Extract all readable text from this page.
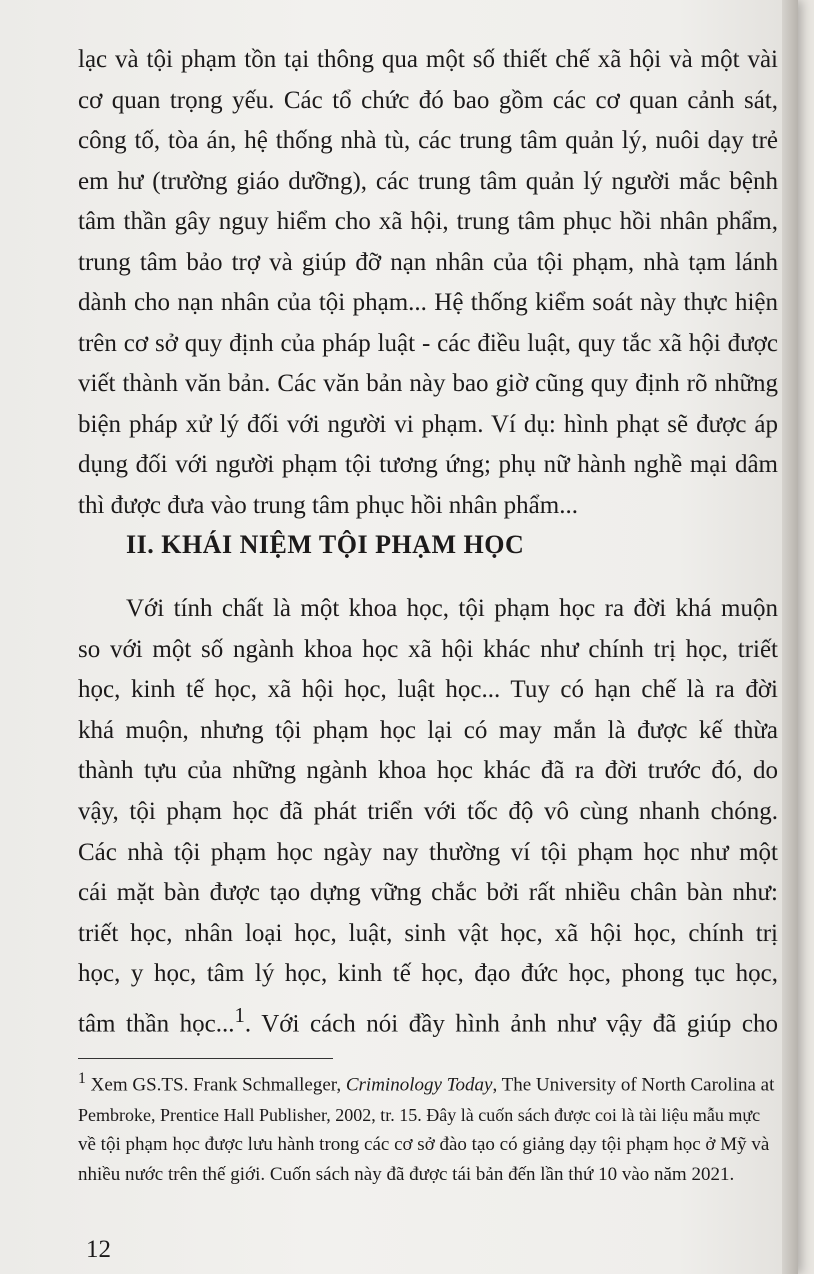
lạc và tội phạm tồn tại thông qua một số thiết chế xã hội và một vài
cơ quan trọng yếu. Các tổ chức đó bao gồm các cơ quan cảnh sát,
công tố, tòa án, hệ thống nhà tù, các trung tâm quản lý, nuôi dạy trẻ
em hư (trường giáo dưỡng), các trung tâm quản lý người mắc bệnh
tâm thần gây nguy hiểm cho xã hội, trung tâm phục hồi nhân phẩm,
trung tâm bảo trợ và giúp đỡ nạn nhân của tội phạm, nhà tạm lánh
dành cho nạn nhân của tội phạm... Hệ thống kiểm soát này thực hiện
trên cơ sở quy định của pháp luật - các điều luật, quy tắc xã hội được
viết thành văn bản. Các văn bản này bao giờ cũng quy định rõ những
biện pháp xử lý đối với người vi phạm. Ví dụ: hình phạt sẽ được áp
dụng đối với người phạm tội tương ứng; phụ nữ hành nghề mại dâm
thì được đưa vào trung tâm phục hồi nhân phẩm...
II. KHÁI NIỆM TỘI PHẠM HỌC
Với tính chất là một khoa học, tội phạm học ra đời khá muộn
so với một số ngành khoa học xã hội khác như chính trị học, triết
học, kinh tế học, xã hội học, luật học... Tuy có hạn chế là ra đời
khá muộn, nhưng tội phạm học lại có may mắn là được kế thừa
thành tựu của những ngành khoa học khác đã ra đời trước đó, do
vậy, tội phạm học đã phát triển với tốc độ vô cùng nhanh chóng.
Các nhà tội phạm học ngày nay thường ví tội phạm học như một
cái mặt bàn được tạo dựng vững chắc bởi rất nhiều chân bàn như:
triết học, nhân loại học, luật, sinh vật học, xã hội học, chính trị
học, y học, tâm lý học, kinh tế học, đạo đức học, phong tục học,
tâm thần học...$^1$. Với cách nói đầy hình ảnh như vậy đã giúp cho
$^1$ Xem GS.TS. Frank Schmalleger, Criminology Today, The University of North Carolina at
Pembroke, Prentice Hall Publisher, 2002, tr. 15. Đây là cuốn sách được coi là tài liệu mẫu mực
về tội phạm học được lưu hành trong các cơ sở đào tạo có giảng dạy tội phạm học ở Mỹ và
nhiều nước trên thế giới. Cuốn sách này đã được tái bản đến lần thứ 10 vào năm 2021.
12
